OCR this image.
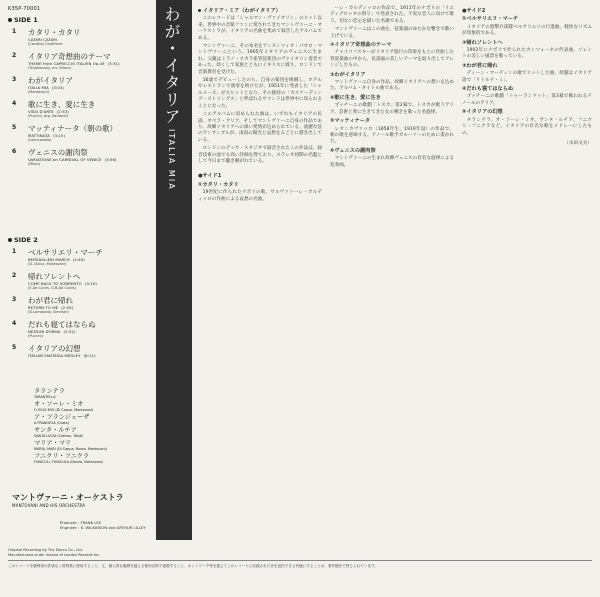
K35P-70001
SIDE 1
1 カタリ・カタリ
CATARI CATARI
(Cardillo) Cordiferro
2 イタリア奇想曲のテーマ
THEME from CAPRICCIO ITALIEN Op.45 (3:31)
(Tchaikovsky, arr. Nilsen)
3 わがイタリア
ITALIA MIA (3:03)
(Mantovani)
4 歌に生き、愛に生き
VISSI D'ARTE (2:53)
(Puccini, Arg. Santorel)
5 マッティナータ（朝の歌）
MATTINATA (3:15)
(Leoncavallo)
6 ヴェニスの謝肉祭
VARIATIONS on CARNIVAL OF VENICE (3:56)
(Milan)
SIDE 2
1 ベルサリエリ・マーチ
BERSAGLIERI MARCH (2:49)
(D. Dulux, Mantovani)
2 帰れソレントへ
COME BACK TO SORRENTO (3:10)
(E.De Curtis, G.B.De Curtis)
3 わが君に帰れ
RETURN TO ME (2:55)
(D.Lombardo, Simmari)
4 だれも寝てはならぬ
NESSUN DORMA (2:52)
(Puccini)
5 イタリアの幻想
ITALIAN FANTASIA MEDLEY (6:11)
タランテラ
TARANTELLA
オ・ソーレ・ミオ
O SOLE MIO (Di Capua, Mantovani)
ア・フランジェーザ
A FRANGESA (Costa)
サンタ・ルチア
SANTA LUCIA (Cottrau, Tolsti)
マリア・マリ
MARIA, MARI (Di Capua, Russo, Mantovani)
フニクリ・フニクラ
FUNICULI, FUNICULA (Denza, Mantovani)
マントヴァーニ・オーケストラ
MANTOVANI AND HIS ORCHESTRA
Producer : FRANK LEE
Engineer : K. WILKINSON and ARTHUR LILLEY
Original Recording by The Decca Co., Ltd.
Manufactured under license of London Records Inc.
わが・イタリアITALIA MIA
イタリア・ミア（わがイタリア）
このレコードは「シャルマン・ヴァイオリン」のヒット以来、世界中の音楽ファンに愛されてきたマントヴァーニ・オーケストラが、イタリアの名曲を集めて録音したアルバムである。
マントヴァーニ、その本名をアンヌンツィオ・パオロ・マントヴァーニという。1905年イタリアのヴェニスに生まれ、父親はミラノ・スカラ座管弦楽団のヴァイオリン奏者であった。幼くして家族とともにイギリスに渡り、ロンドンで音楽教育を受けた。
16歳でデビューしたのち、自身の楽団を組織し、ホテルやレストランで演奏を続けたが、1951年に発表した「シャルメーヌ」が大ヒットとなり、その独特の「カスケーディング・ストリングス」と呼ばれるサウンドは世界中に知られることになった。
このアルバムに収められた曲は、いずれもイタリアの民謡、オペラ・アリア、そしてマントヴァーニ自身の作品であり、故郷イタリアへの深い愛情が込められている。流麗な弦のアンサンブルが、南国の陽光と哀愁をみごとに描き出している。
ロンドンのデッカ・スタジオで録音されたこの作品は、録音技術の面でも高い評価を得ており、ステレオ初期の名盤として今日まで聴き継がれている。
●サイド1
①カタリ・カタリ
19世紀に作られたナポリの歌。サルヴァトーレ・カルディッロの作曲による哀愁の名曲。
ーレ・カルディッロの作品で、1911年のナポリの「リエディグロッタの祭り」で発表された。不実な恋人に向けて歌う、切ない恋心を描いた名歌である。
マントヴァーニはこの曲を、弦楽器のゆたかな響きで歌い上げている。
②イタリア奇想曲のテーマ
チャイコフスキーがイタリア旅行の印象をもとに作曲した管弦楽曲の中から、民謡風の美しいテーマを取り出してアレンジしたもの。
③わがイタリア
マントヴァーニ自身の作品。故郷イタリアへの想いを込めた、アルバム・タイトル曲である。
④歌に生き、愛に生き
プッチーニの歌劇「トスカ」第2幕で、トスカが歌うアリア。芸術と愛に生きてきた女の嘆きを歌った名旋律。
⑤マッティナータ
レオンカヴァッロ（1858年生、1919年没）の作品で、朝の歌を意味する。テノール歌手カルーソーのために書かれた。
⑥ヴェニスの謝肉祭
マントヴァーニの生まれ故郷ヴェニスの有名な旋律による変奏曲。
●サイド2
①ベルサリエリ・マーチ
イタリアの狙撃兵部隊ベルサリエリの行進曲。軽快なリズムが印象的である。
②帰れソレントへ
1902年にナポリで作られたカンツォーネの代表曲。ソレントの美しい風景を歌っている。
③わが君に帰れ
ディーン・マーティンの歌でヒットした曲。原題はイタリア語で「リトルナ・ミ」。
④だれも寝てはならぬ
プッチーニの歌劇「トゥーランドット」第3幕で歌われるテノールのアリア。
⑤イタリアの幻想
タランテラ、オ・ソーレ・ミオ、サンタ・ルチア、フニクリ・フニクラなど、イタリアの有名な歌をメドレーにしたもの。
（永田文夫）
このレコードを権利者の許諾なく賃貸業に使用すること、又、個人的な範囲を越える使用目的で複製すること、ネットワーク等を通じてこのレコードに収録された音を送信できる状態にすることは、著作権法で禁じられています。
